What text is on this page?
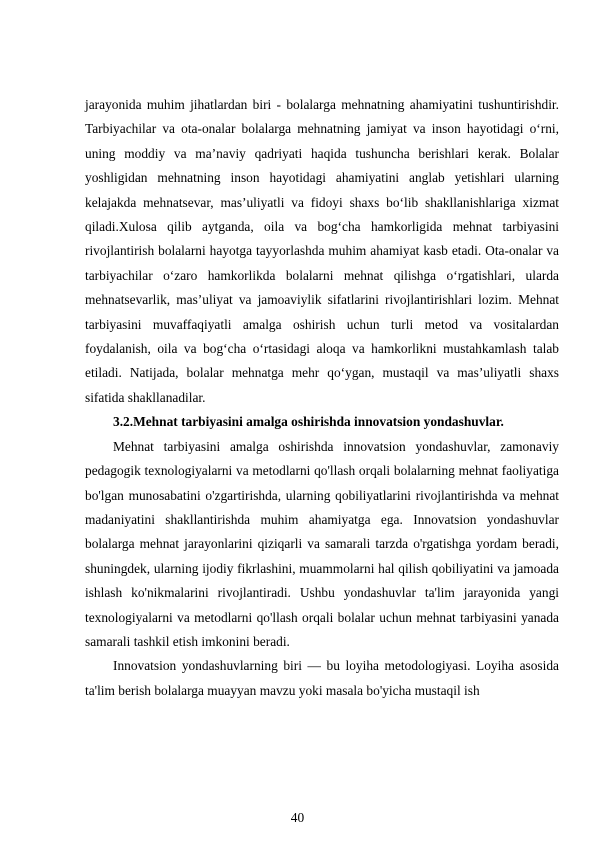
jarayonida muhim jihatlardan biri - bolalarga mehnatning ahamiyatini tushuntirishdir. Tarbiyachilar va ota-onalar bolalarga mehnatning jamiyat va inson hayotidagi o‘rni, uning moddiy va ma’naviy qadriyati haqida tushuncha berishlari kerak. Bolalar yoshligidan mehnatning inson hayotidagi ahamiyatini anglab yetishlari ularning kelajakda mehnatsevar, mas’uliyatli va fidoyi shaxs bo‘lib shakllanishlariga xizmat qiladi.Xulosa qilib aytganda, oila va bog‘cha hamkorligida mehnat tarbiyasini rivojlantirish bolalarni hayotga tayyorlashda muhim ahamiyat kasb etadi. Ota-onalar va tarbiyachilar o‘zaro hamkorlikda bolalarni mehnat qilishga o‘rgatishlari, ularda mehnatsevarlik, mas’uliyat va jamoaviylik sifatlarini rivojlantirishlari lozim. Mehnat tarbiyasini muvaffaqiyatli amalga oshirish uchun turli metod va vositalardan foydalanish, oila va bog‘cha o‘rtasidagi aloqa va hamkorlikni mustahkamlash talab etiladi. Natijada, bolalar mehnatga mehr qo‘ygan, mustaqil va mas’uliyatli shaxs sifatida shakllanadilar.

3.2.Mehnat tarbiyasini amalga oshirishda innovatsion yondashuvlar.

Mehnat tarbiyasini amalga oshirishda innovatsion yondashuvlar, zamonaviy pedagogik texnologiyalarni va metodlarni qo'llash orqali bolalarning mehnat faoliyatiga bo'lgan munosabatini o'zgartirishda, ularning qobiliyatlarini rivojlantirishda va mehnat madaniyatini shakllantirishda muhim ahamiyatga ega. Innovatsion yondashuvlar bolalarga mehnat jarayonlarini qiziqarli va samarali tarzda o'rgatishga yordam beradi, shuningdek, ularning ijodiy fikrlashini, muammolarni hal qilish qobiliyatini va jamoada ishlash ko'nikmalarini rivojlantiradi. Ushbu yondashuvlar ta'lim jarayonida yangi texnologiyalarni va metodlarni qo'llash orqali bolalar uchun mehnat tarbiyasini yanada samarali tashkil etish imkonini beradi.

Innovatsion yondashuvlarning biri — bu loyiha metodologiyasi. Loyiha asosida ta'lim berish bolalarga muayyan mavzu yoki masala bo'yicha mustaqil ish

40
